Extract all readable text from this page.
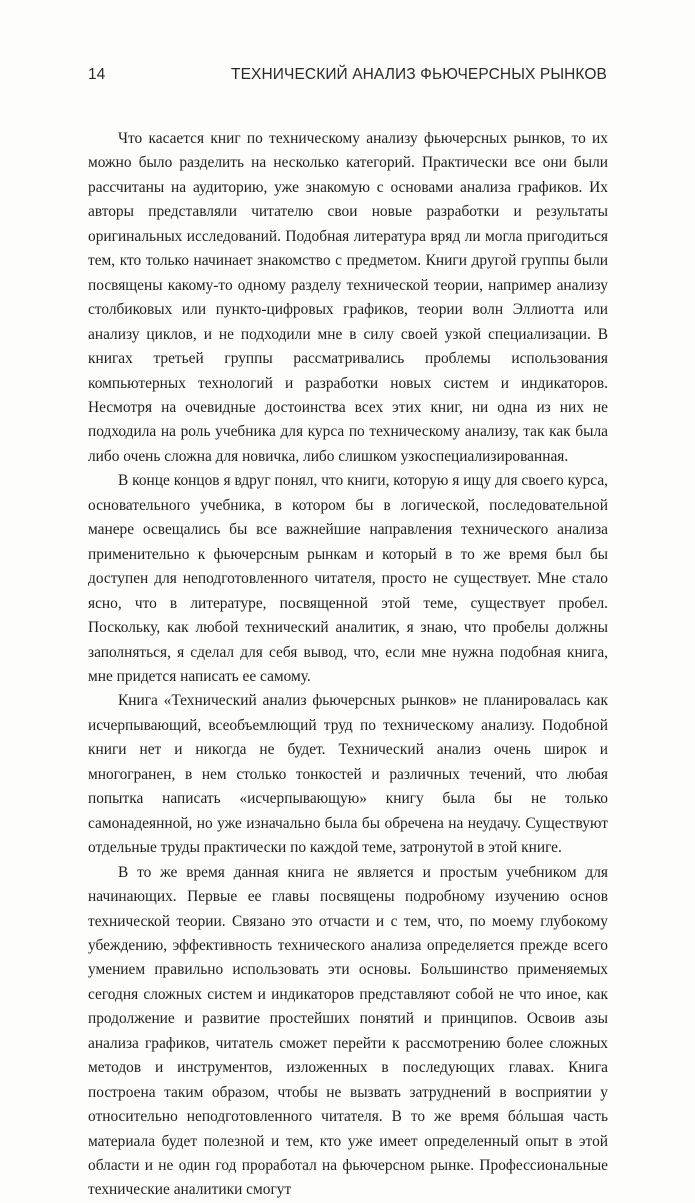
14	ТЕХНИЧЕСКИЙ АНАЛИЗ ФЬЮЧЕРСНЫХ РЫНКОВ

Что касается книг по техническому анализу фьючерсных рынков, то их можно было разделить на несколько категорий. Практически все они были рассчитаны на аудиторию, уже знакомую с основами анализа графиков. Их авторы представляли читателю свои новые разработки и результаты оригинальных исследований. Подобная литература вряд ли могла пригодиться тем, кто только начинает знакомство с предметом. Книги другой группы были посвящены какому-то одному разделу технической теории, например анализу столбиковых или пункто-цифровых графиков, теории волн Эллиотта или анализу циклов, и не подходили мне в силу своей узкой специализации. В книгах третьей группы рассматривались проблемы использования компьютерных технологий и разработки новых систем и индикаторов. Несмотря на очевидные достоинства всех этих книг, ни одна из них не подходила на роль учебника для курса по техническому анализу, так как была либо очень сложна для новичка, либо слишком узкоспециализированная.

В конце концов я вдруг понял, что книги, которую я ищу для своего курса, основательного учебника, в котором бы в логической, последовательной манере освещались бы все важнейшие направления технического анализа применительно к фьючерсным рынкам и который в то же время был бы доступен для неподготовленного читателя, просто не существует. Мне стало ясно, что в литературе, посвященной этой теме, существует пробел. Поскольку, как любой технический аналитик, я знаю, что пробелы должны заполняться, я сделал для себя вывод, что, если мне нужна подобная книга, мне придется написать ее самому.

Книга «Технический анализ фьючерсных рынков» не планировалась как исчерпывающий, всеобъемлющий труд по техническому анализу. Подобной книги нет и никогда не будет. Технический анализ очень широк и многогранен, в нем столько тонкостей и различных течений, что любая попытка написать «исчерпывающую» книгу была бы не только самонадеянной, но уже изначально была бы обречена на неудачу. Существуют отдельные труды практически по каждой теме, затронутой в этой книге.

В то же время данная книга не является и простым учебником для начинающих. Первые ее главы посвящены подробному изучению основ технической теории. Связано это отчасти и с тем, что, по моему глубокому убеждению, эффективность технического анализа определяется прежде всего умением правильно использовать эти основы. Большинство применяемых сегодня сложных систем и индикаторов представляют собой не что иное, как продолжение и развитие простейших понятий и принципов. Освоив азы анализа графиков, читатель сможет перейти к рассмотрению более сложных методов и инструментов, изложенных в последующих главах. Книга построена таким образом, чтобы не вызвать затруднений в восприятии у относительно неподготовленного читателя. В то же время бóльшая часть материала будет полезной и тем, кто уже имеет определенный опыт в этой области и не один год проработал на фьючерсном рынке. Профессиональные технические аналитики смогут
